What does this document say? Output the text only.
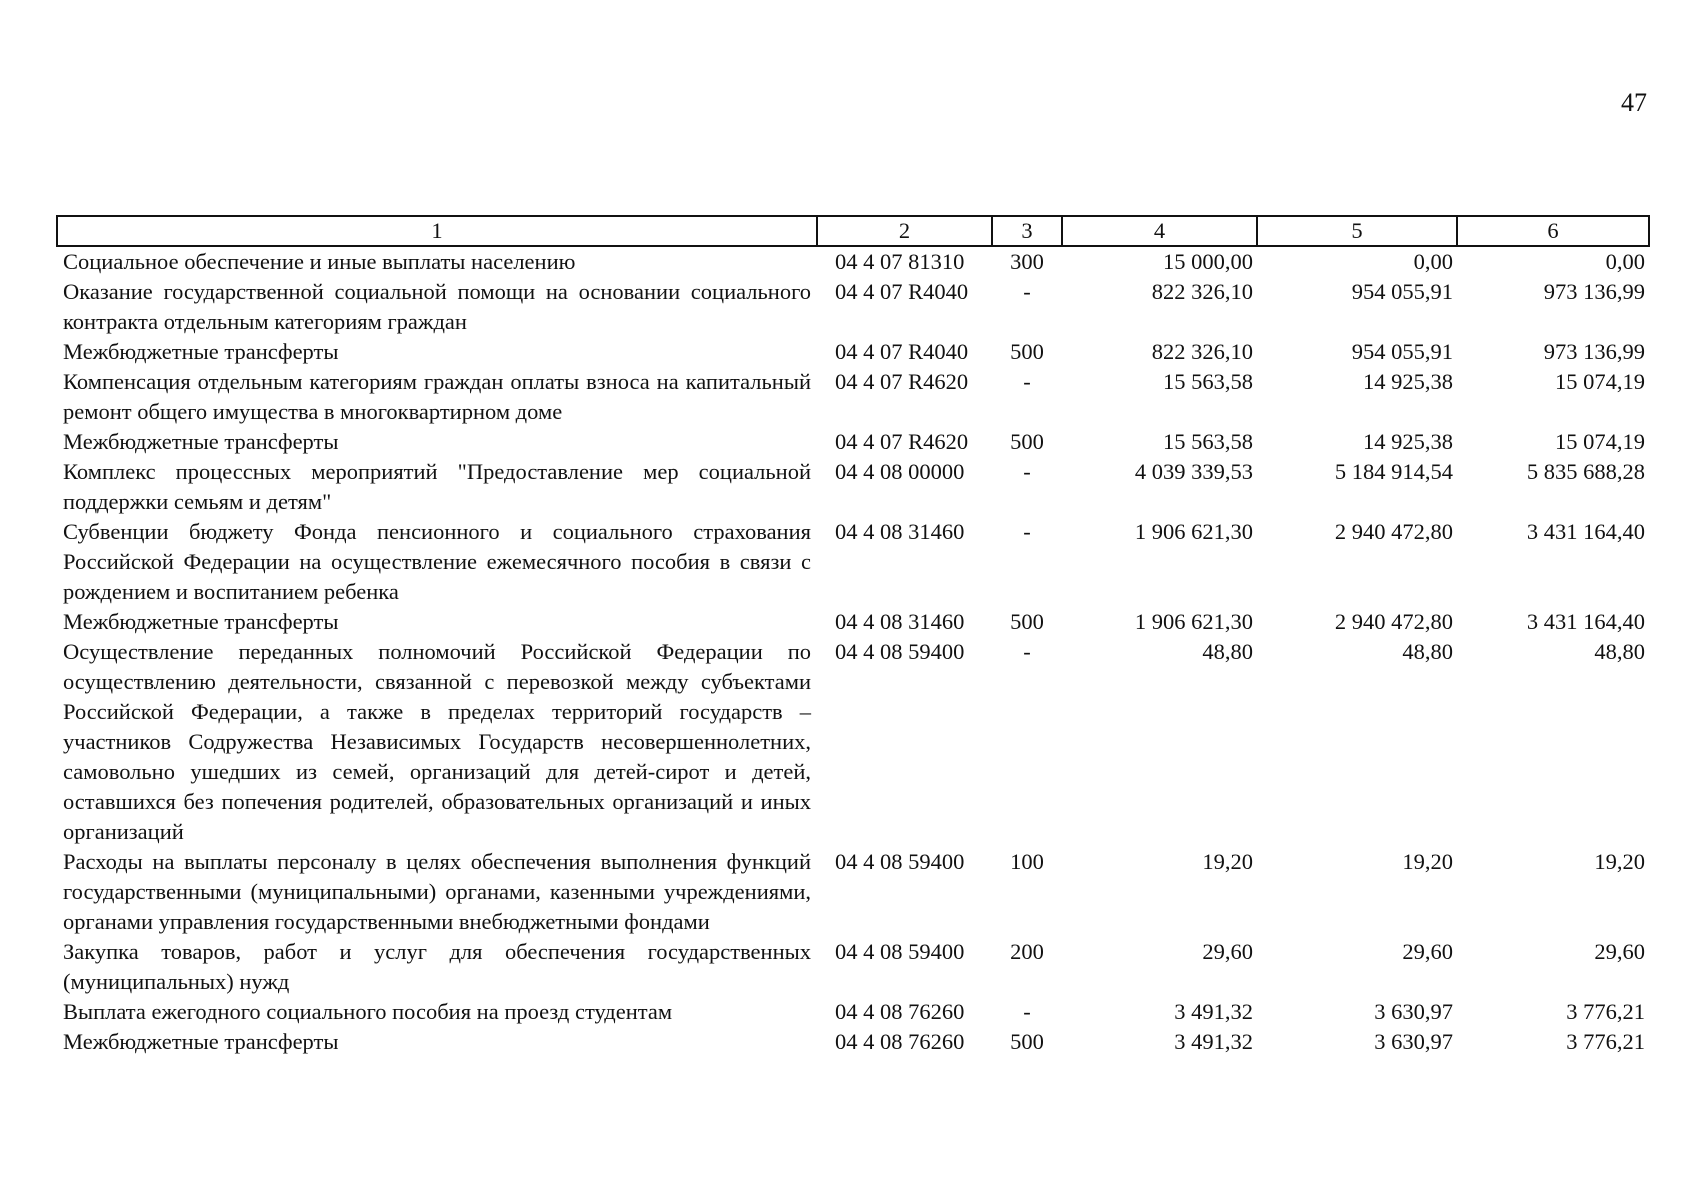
47
1	2	3	4	5	6
Социальное обеспечение и иные выплаты населению	04 4 07 81310	300	15 000,00	0,00	0,00
Оказание государственной социальной помощи на основании социального контракта отдельным категориям граждан	04 4 07 R4040	-	822 326,10	954 055,91	973 136,99
Межбюджетные трансферты	04 4 07 R4040	500	822 326,10	954 055,91	973 136,99
Компенсация отдельным категориям граждан оплаты взноса на капитальный ремонт общего имущества в многоквартирном доме	04 4 07 R4620	-	15 563,58	14 925,38	15 074,19
Межбюджетные трансферты	04 4 07 R4620	500	15 563,58	14 925,38	15 074,19
Комплекс процессных мероприятий "Предоставление мер социальной поддержки семьям и детям"	04 4 08 00000	-	4 039 339,53	5 184 914,54	5 835 688,28
Субвенции бюджету Фонда пенсионного и социального страхования Российской Федерации на осуществление ежемесячного пособия в связи с рождением и воспитанием ребенка	04 4 08 31460	-	1 906 621,30	2 940 472,80	3 431 164,40
Межбюджетные трансферты	04 4 08 31460	500	1 906 621,30	2 940 472,80	3 431 164,40
Осуществление переданных полномочий Российской Федерации по осуществлению деятельности, связанной с перевозкой между субъектами Российской Федерации, а также в пределах территорий государств – участников Содружества Независимых Государств несовершеннолетних, самовольно ушедших из семей, организаций для детей-сирот и детей, оставшихся без попечения родителей, образовательных организаций и иных организаций	04 4 08 59400	-	48,80	48,80	48,80
Расходы на выплаты персоналу в целях обеспечения выполнения функций государственными (муниципальными) органами, казенными учреждениями, органами управления государственными внебюджетными фондами	04 4 08 59400	100	19,20	19,20	19,20
Закупка товаров, работ и услуг для обеспечения государственных (муниципальных) нужд	04 4 08 59400	200	29,60	29,60	29,60
Выплата ежегодного социального пособия на проезд студентам	04 4 08 76260	-	3 491,32	3 630,97	3 776,21
Межбюджетные трансферты	04 4 08 76260	500	3 491,32	3 630,97	3 776,21
